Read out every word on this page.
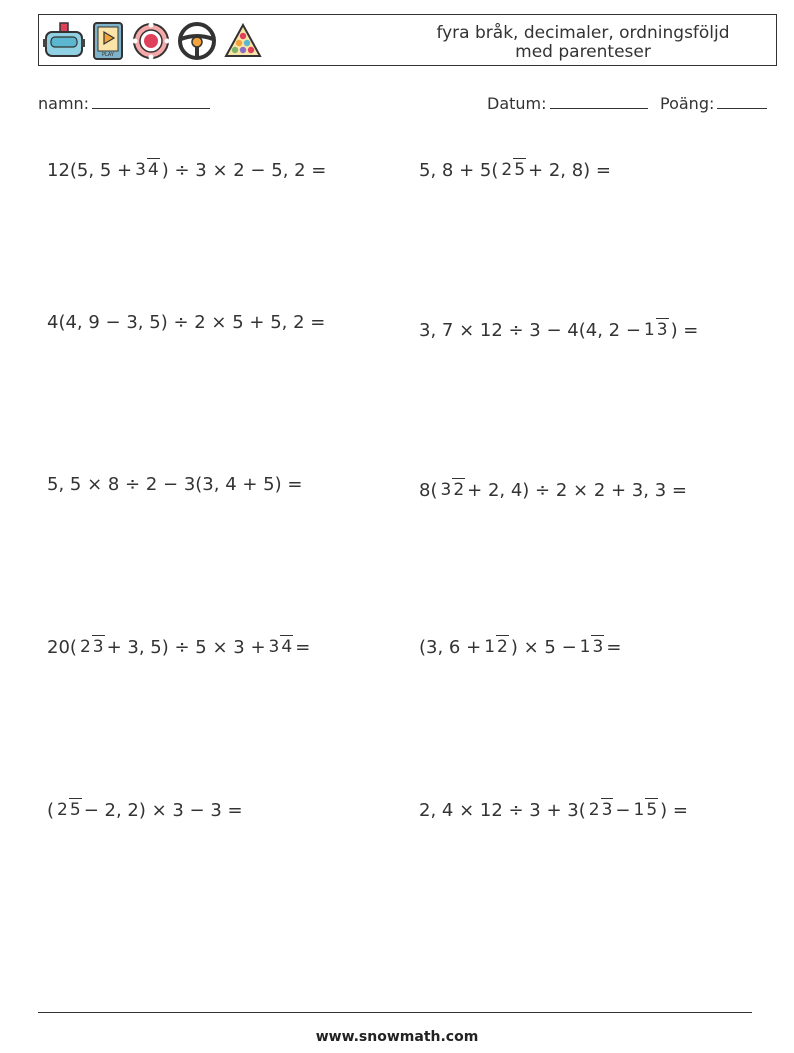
PLAY
fyra bråk, decimaler, ordningsföljd med parenteser
namn:	Datum:	Poäng:
12(5, 5 + 3 4 ) ÷ 3 × 2 − 5, 2 =	5, 8 + 5( 2 5 + 2, 8) =
4(4, 9 − 3, 5) ÷ 2 × 5 + 5, 2 =	3, 7 × 12 ÷ 3 − 4(4, 2 − 1 3 ) =
5, 5 × 8 ÷ 2 − 3(3, 4 + 5) =	8( 3 2 + 2, 4) ÷ 2 × 2 + 3, 3 =
20( 2 3 + 3, 5) ÷ 5 × 3 + 3 4 =	(3, 6 + 1 2 ) × 5 − 1 3 =
( 2 5 − 2, 2) × 3 − 3 =	2, 4 × 12 ÷ 3 + 3( 2 3 − 1 5 ) =
www.snowmath.com
